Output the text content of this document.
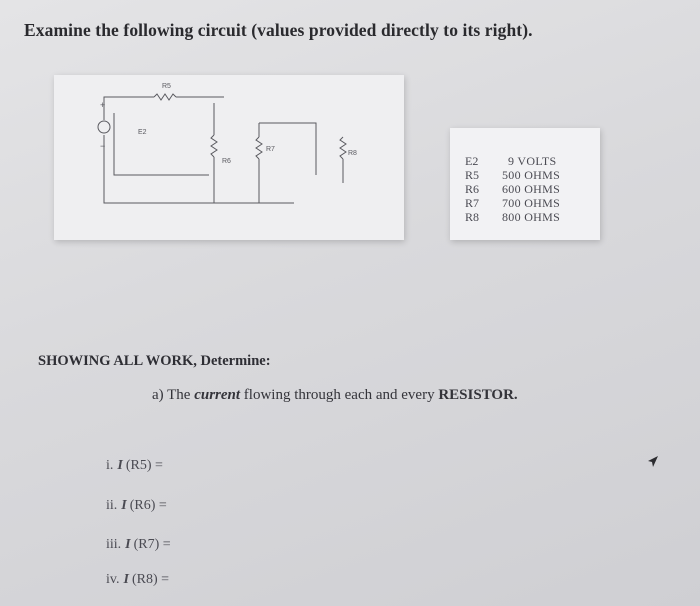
Examine the following circuit (values provided directly to its right).
+
−
E2
R5
R6
R7
R8
E2 9 VOLTS
R5 500 OHMS
R6 600 OHMS
R7 700 OHMS
R8 800 OHMS
SHOWING ALL WORK, Determine:
a) The current flowing through each and every RESISTOR.
i. I (R5) =
ii. I (R6) =
iii. I (R7) =
iv. I (R8) =
